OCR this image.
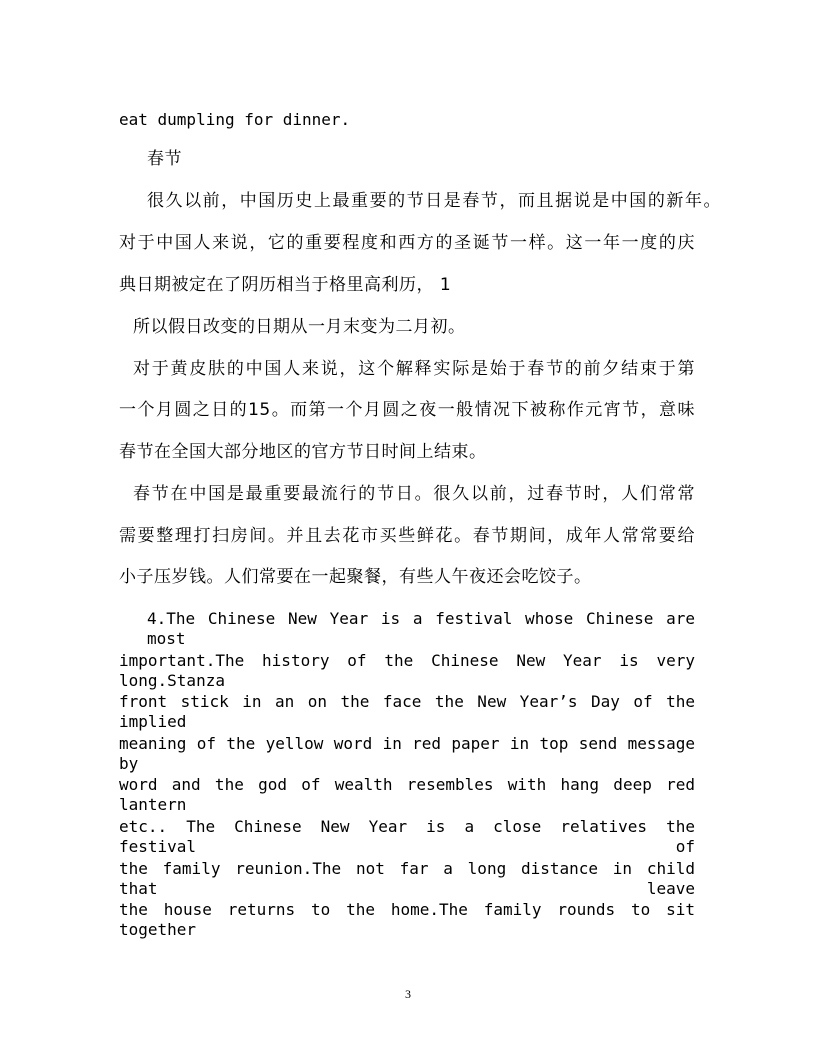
eat dumpling for dinner.
春节
很久以前，中国历史上最重要的节日是春节，而且据说是中国的新年。
对于中国人来说，它的重要程度和西方的圣诞节一样。这一年一度的庆
典日期被定在了阴历相当于格里高利历， 1
所以假日改变的日期从一月末变为二月初。
对于黄皮肤的中国人来说，这个解释实际是始于春节的前夕结束于第
一个月圆之日的15。而第一个月圆之夜一般情况下被称作元宵节，意味
春节在全国大部分地区的官方节日时间上结束。
春节在中国是最重要最流行的节日。很久以前，过春节时，人们常常
需要整理打扫房间。并且去花市买些鲜花。春节期间，成年人常常要给
小子压岁钱。人们常要在一起聚餐，有些人午夜还会吃饺子。
4.The Chinese New Year is a festival whose Chinese are most
important.The history of the Chinese New Year is very long.Stanza
front stick in an on the face the New Year’s Day of the implied
meaning of the yellow word in red paper in top send message by
word and the god of wealth resembles with hang deep red lantern
etc.. The Chinese New Year is a close relatives the festival of
the family reunion.The not far a long distance in child that leave
the house returns to the home.The family rounds to sit together
3
